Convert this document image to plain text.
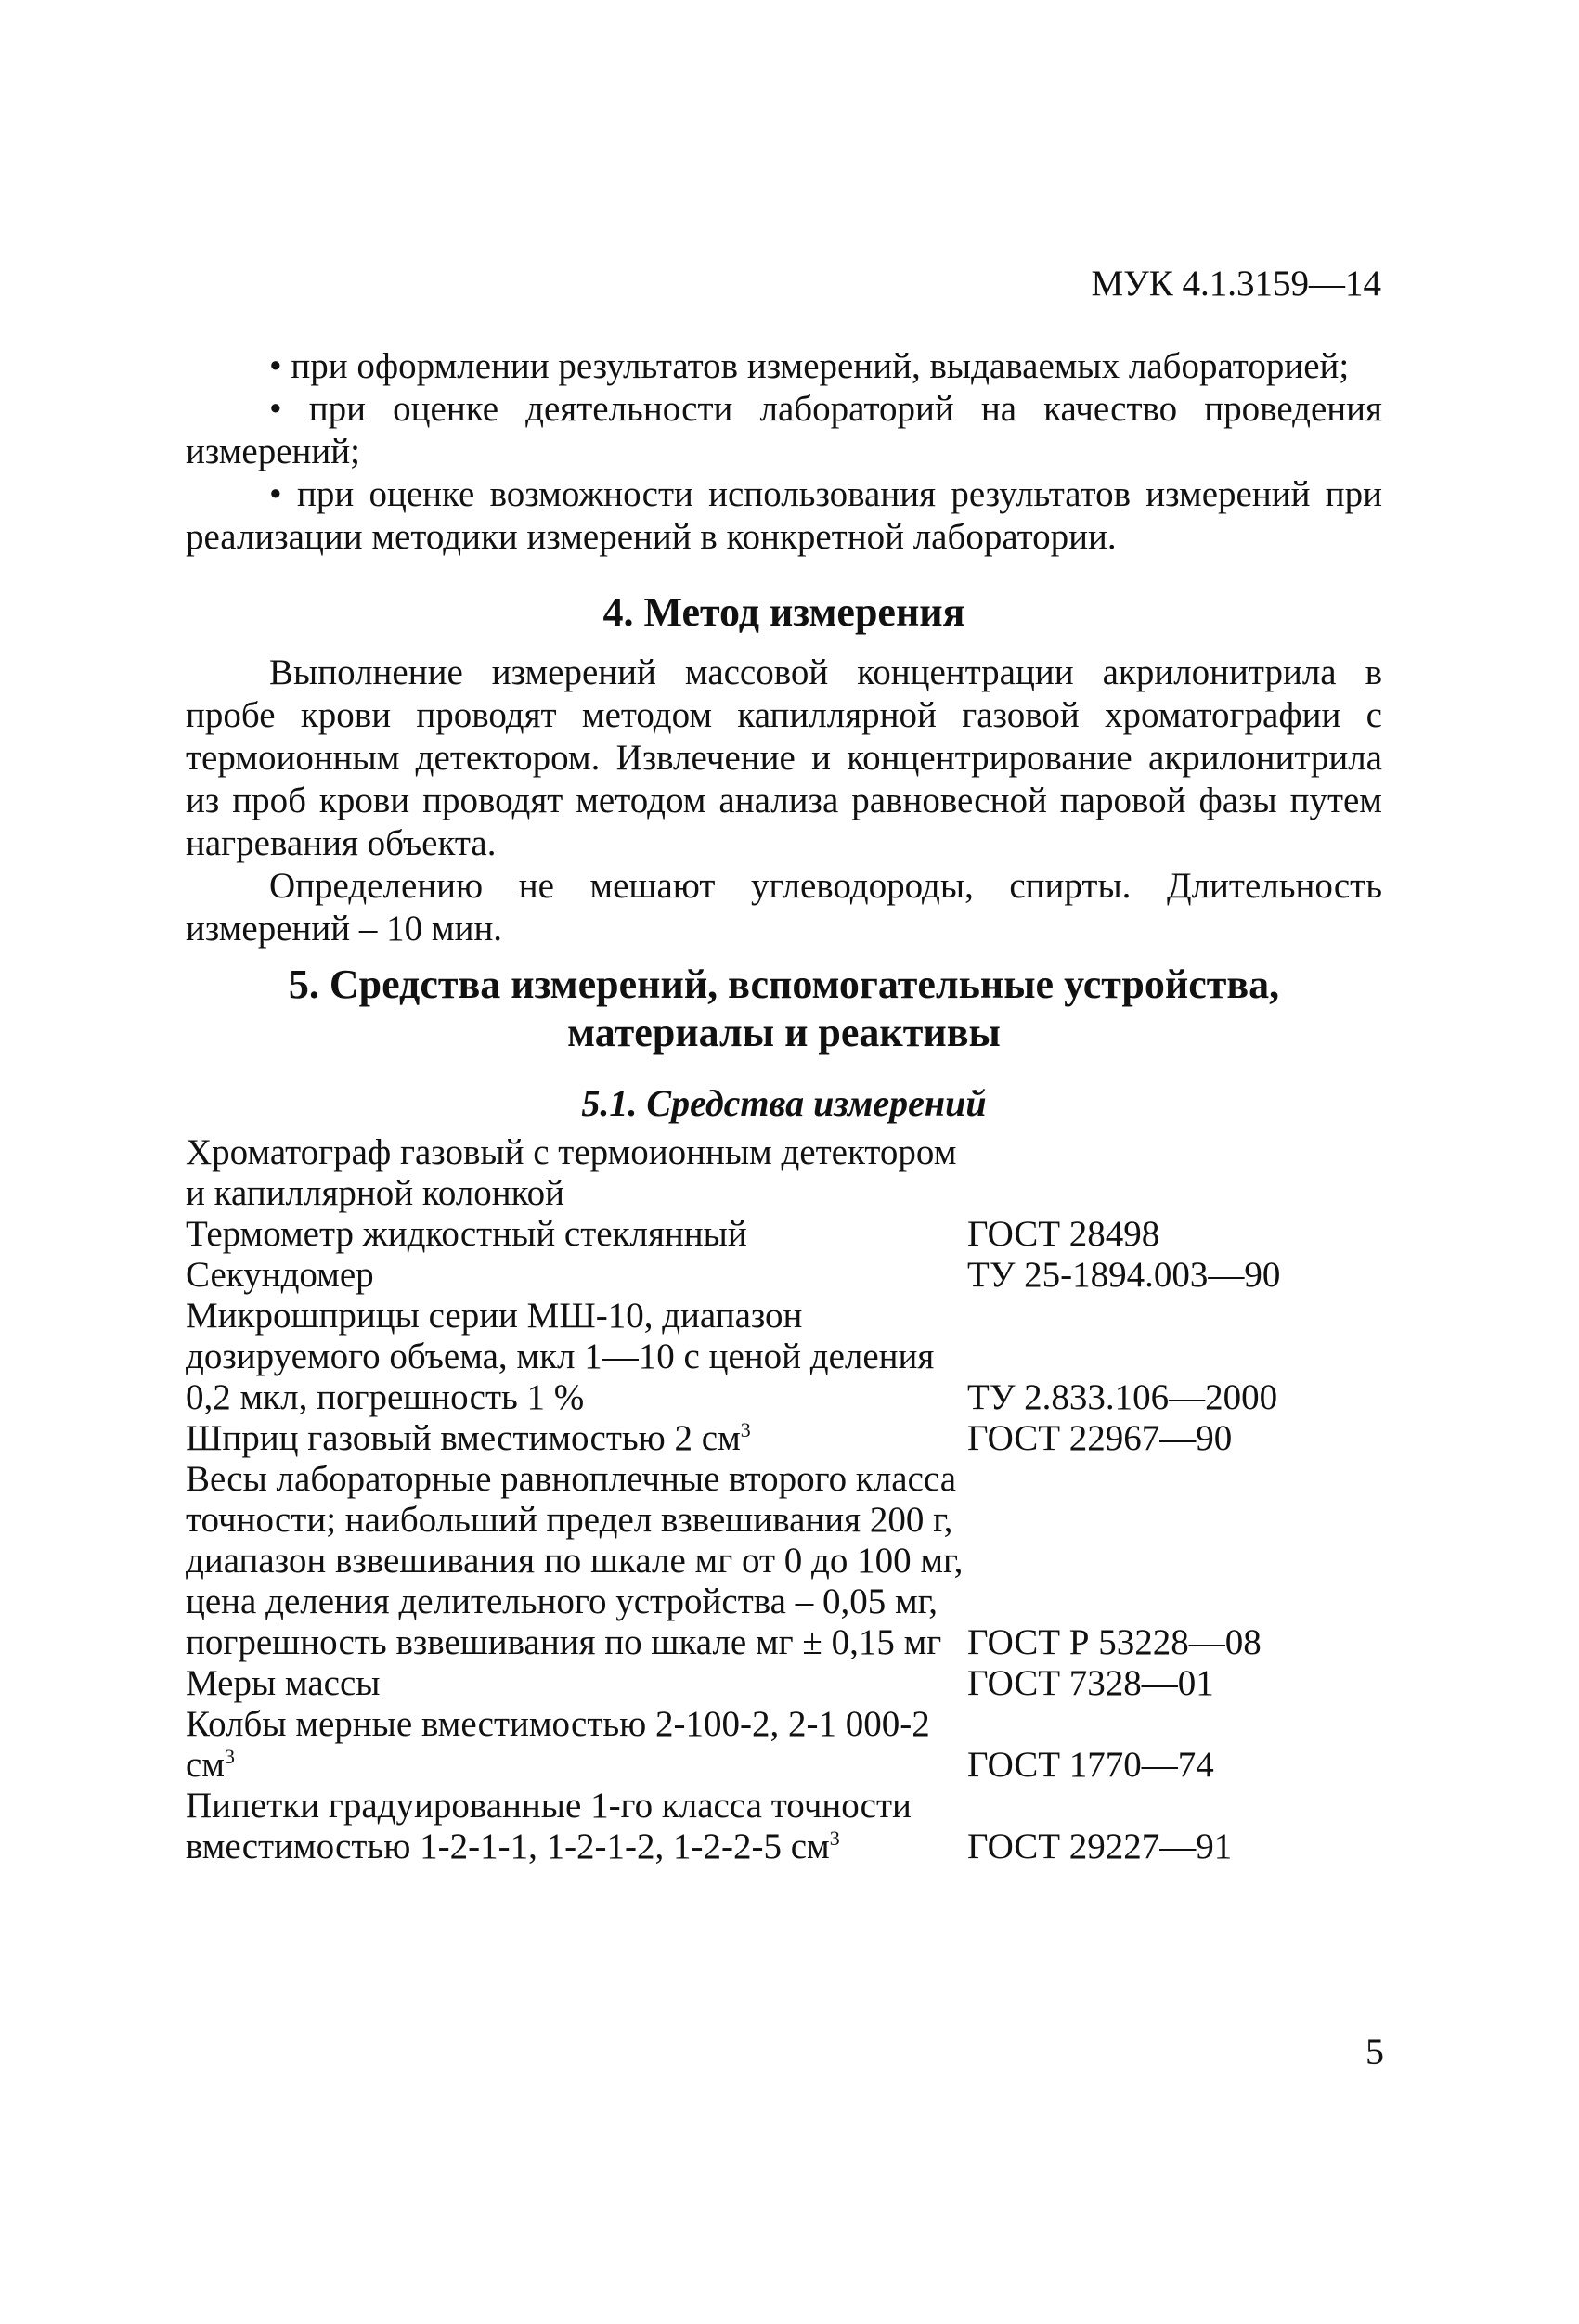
МУК 4.1.3159—14

• при оформлении результатов измерений, выдаваемых лабораторией;

• при оценке деятельности лабораторий на качество проведения измерений;

• при оценке возможности использования результатов измерений при реализации методики измерений в конкретной лаборатории.

4. Метод измерения

Выполнение измерений массовой концентрации акрилонитрила в пробе крови проводят методом капиллярной газовой хроматографии с термоионным детектором. Извлечение и концентрирование акрилонитрила из проб крови проводят методом анализа равновесной паровой фазы путем нагревания объекта.

Определению не мешают углеводороды, спирты. Длительность измерений – 10 мин.

5. Средства измерений, вспомогательные устройства,
материалы и реактивы
5.1. Средства измерений
Хроматограф газовый с термоионным детектором и капиллярной колонкой
Термометр жидкостный стеклянный	ГОСТ 28498
Секундомер	ТУ 25-1894.003—90
Микрошприцы серии МШ-10, диапазон дозируемого объема, мкл 1—10 с ценой деления 0,2 мкл, погрешность 1 %	ТУ 2.833.106—2000
Шприц газовый вместимостью 2 $см^3$	ГОСТ 22967—90
Весы лабораторные равноплечные второго класса точности; наибольший предел взвешивания 200 г, диапазон взвешивания по шкале мг от 0 до 100 мг, цена деления делительного устройства – 0,05 мг, погрешность взвешивания по шкале мг ± 0,15 мг ГОСТ Р 53228—08
Меры массы	ГОСТ 7328—01
Колбы мерные вместимостью 2-100-2, 2-1 000-2 $см^3$	ГОСТ 1770—74
Пипетки градуированные 1-го класса точности вместимостью 1-2-1-1, 1-2-1-2, 1-2-2-5 $см^3$	ГОСТ 29227—91
5
